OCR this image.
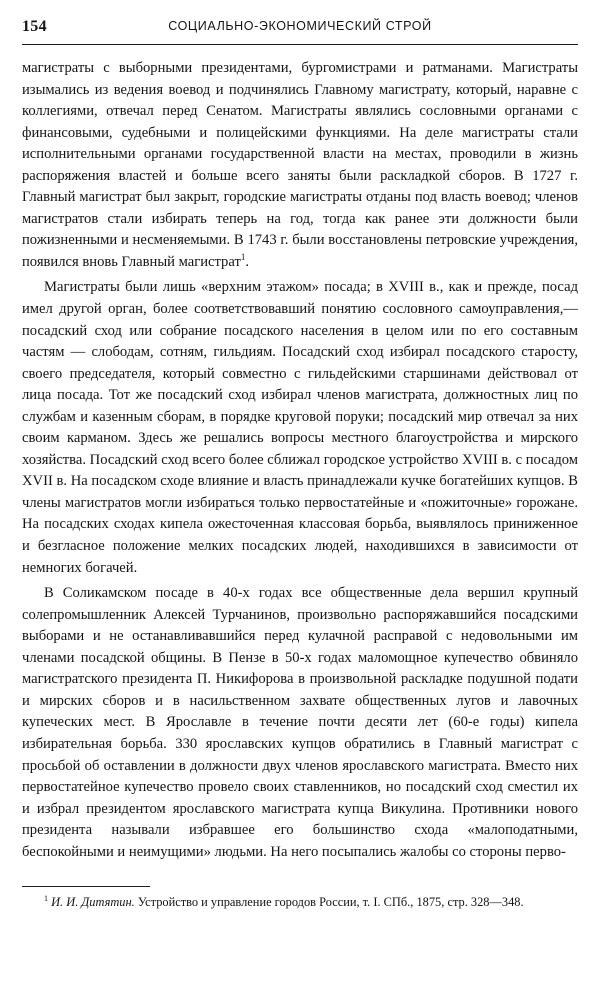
154	СОЦИАЛЬНО-ЭКОНОМИЧЕСКИЙ СТРОЙ

магистраты с выборными президентами, бургомистрами и ратманами. Магистраты изымались из ведения воевод и подчинялись Главному магистрату, который, наравне с коллегиями, отвечал перед Сенатом. Магистраты являлись сословными органами с финансовыми, судебными и полицейскими функциями. На деле магистраты стали исполнительными органами государственной власти на местах, проводили в жизнь распоряжения властей и больше всего заняты были раскладкой сборов. В 1727 г. Главный магистрат был закрыт, городские магистраты отданы под власть воевод; членов магистратов стали избирать теперь на год, тогда как ранее эти должности были пожизненными и несменяемыми. В 1743 г. были восстановлены петровские учреждения, появился вновь Главный магистрат$^1$.

Магистраты были лишь «верхним этажом» посада; в XVIII в., как и прежде, посад имел другой орган, более соответствовавший понятию сословного самоуправления,— посадский сход или собрание посадского населения в целом или по его составным частям — слободам, сотням, гильдиям. Посадский сход избирал посадского старосту, своего председателя, который совместно с гильдейскими старшинами действовал от лица посада. Тот же посадский сход избирал членов магистрата, должностных лиц по службам и казенным сборам, в порядке круговой поруки; посадский мир отвечал за них своим карманом. Здесь же решались вопросы местного благоустройства и мирского хозяйства. Посадский сход всего более сближал городское устройство XVIII в. с посадом XVII в. На посадском сходе влияние и власть принадлежали кучке богатейших купцов. В члены магистратов могли избираться только первостатейные и «пожиточные» горожане. На посадских сходах кипела ожесточенная классовая борьба, выявлялось приниженное и безгласное положение мелких посадских людей, находившихся в зависимости от немногих богачей.

В Соликамском посаде в 40-х годах все общественные дела вершил крупный солепромышленник Алексей Турчанинов, произвольно распоряжавшийся посадскими выборами и не останавливавшийся перед кулачной расправой с недовольными им членами посадской общины. В Пензе в 50-х годах маломощное купечество обвиняло магистратского президента П. Никифорова в произвольной раскладке подушной подати и мирских сборов и в насильственном захвате общественных лугов и лавочных купеческих мест. В Ярославле в течение почти десяти лет (60-е годы) кипела избирательная борьба. 330 ярославских купцов обратились в Главный магистрат с просьбой об оставлении в должности двух членов ярославского магистрата. Вместо них первостатейное купечество провело своих ставленников, но посадский сход сместил их и избрал президентом ярославского магистрата купца Викулина. Противники нового президента называли избравшее его большинство схода «малоподатными, беспокойными и неимущими» людьми. На него посыпались жалобы со стороны перво-

$^1$ И. И. Дитятин. Устройство и управление городов России, т. I. СПб., 1875, стр. 328—348.
